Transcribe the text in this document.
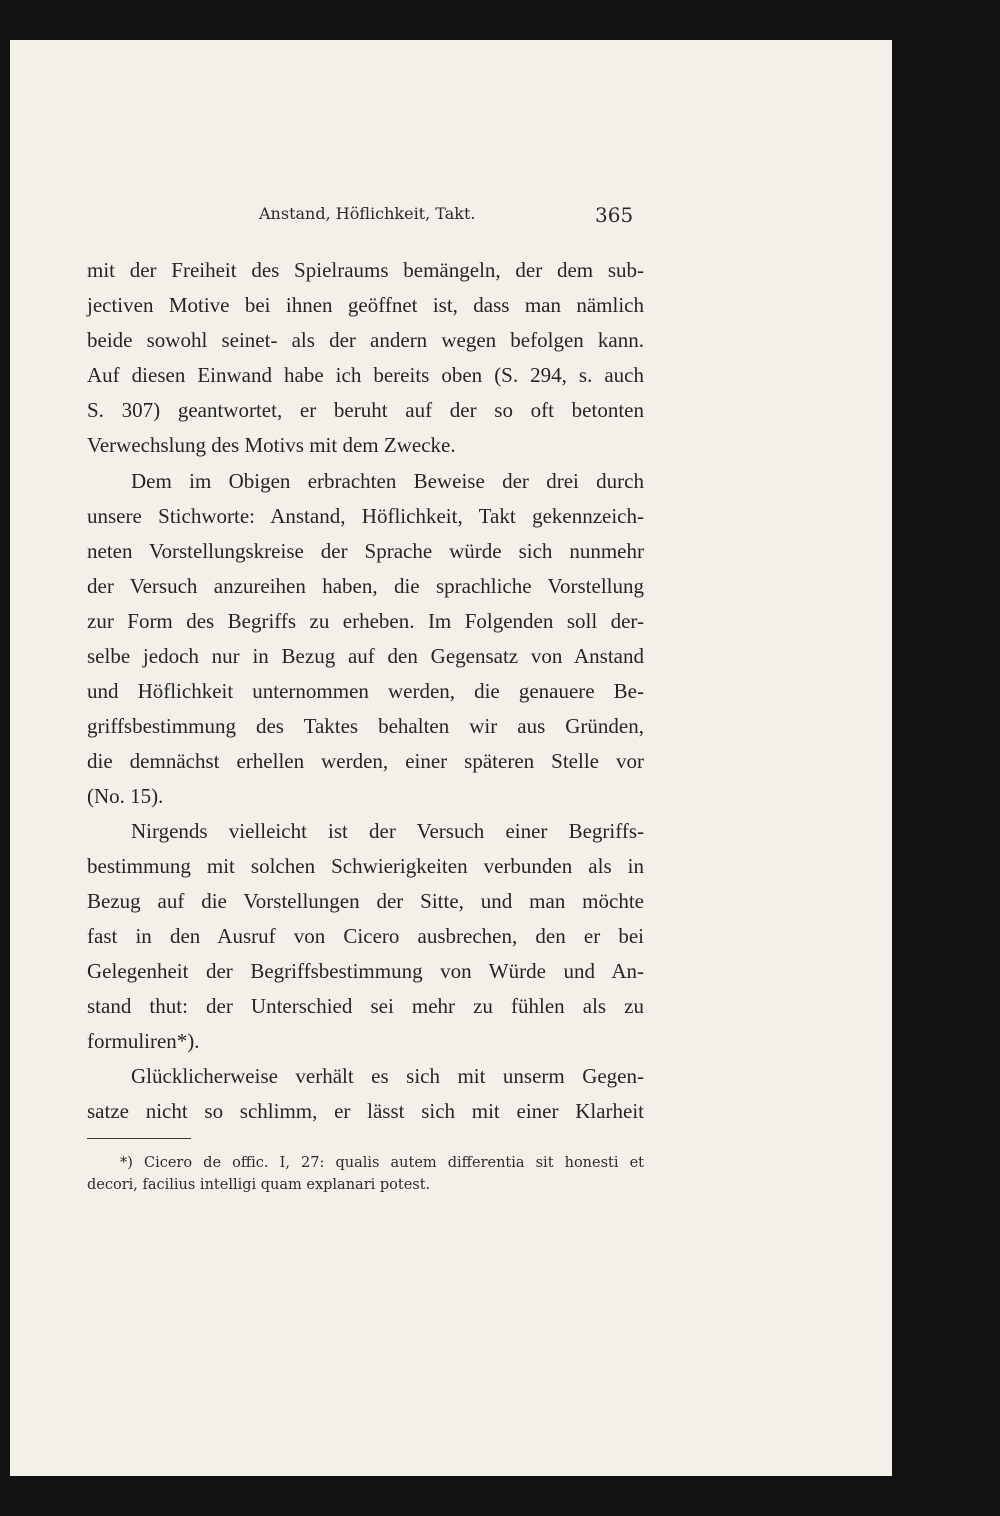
Anstand, Höflichkeit, Takt.	365
mit der Freiheit des Spielraums bemängeln, der dem sub-
jectiven Motive bei ihnen geöffnet ist, dass man nämlich
beide sowohl seinet- als der andern wegen befolgen kann.
Auf diesen Einwand habe ich bereits oben (S. 294, s. auch
S. 307) geantwortet, er beruht auf der so oft betonten
Verwechslung des Motivs mit dem Zwecke.
Dem im Obigen erbrachten Beweise der drei durch
unsere Stichworte: Anstand, Höflichkeit, Takt gekennzeich-
neten Vorstellungskreise der Sprache würde sich nunmehr
der Versuch anzureihen haben, die sprachliche Vorstellung
zur Form des Begriffs zu erheben. Im Folgenden soll der-
selbe jedoch nur in Bezug auf den Gegensatz von Anstand
und Höflichkeit unternommen werden, die genauere Be-
griffsbestimmung des Taktes behalten wir aus Gründen,
die demnächst erhellen werden, einer späteren Stelle vor
(No. 15).
Nirgends vielleicht ist der Versuch einer Begriffs-
bestimmung mit solchen Schwierigkeiten verbunden als in
Bezug auf die Vorstellungen der Sitte, und man möchte
fast in den Ausruf von Cicero ausbrechen, den er bei
Gelegenheit der Begriffsbestimmung von Würde und An-
stand thut: der Unterschied sei mehr zu fühlen als zu
formuliren*).
Glücklicherweise verhält es sich mit unserm Gegen-
satze nicht so schlimm, er lässt sich mit einer Klarheit
*) Cicero de offic. I, 27: qualis autem differentia sit honesti et
decori, facilius intelligi quam explanari potest.
